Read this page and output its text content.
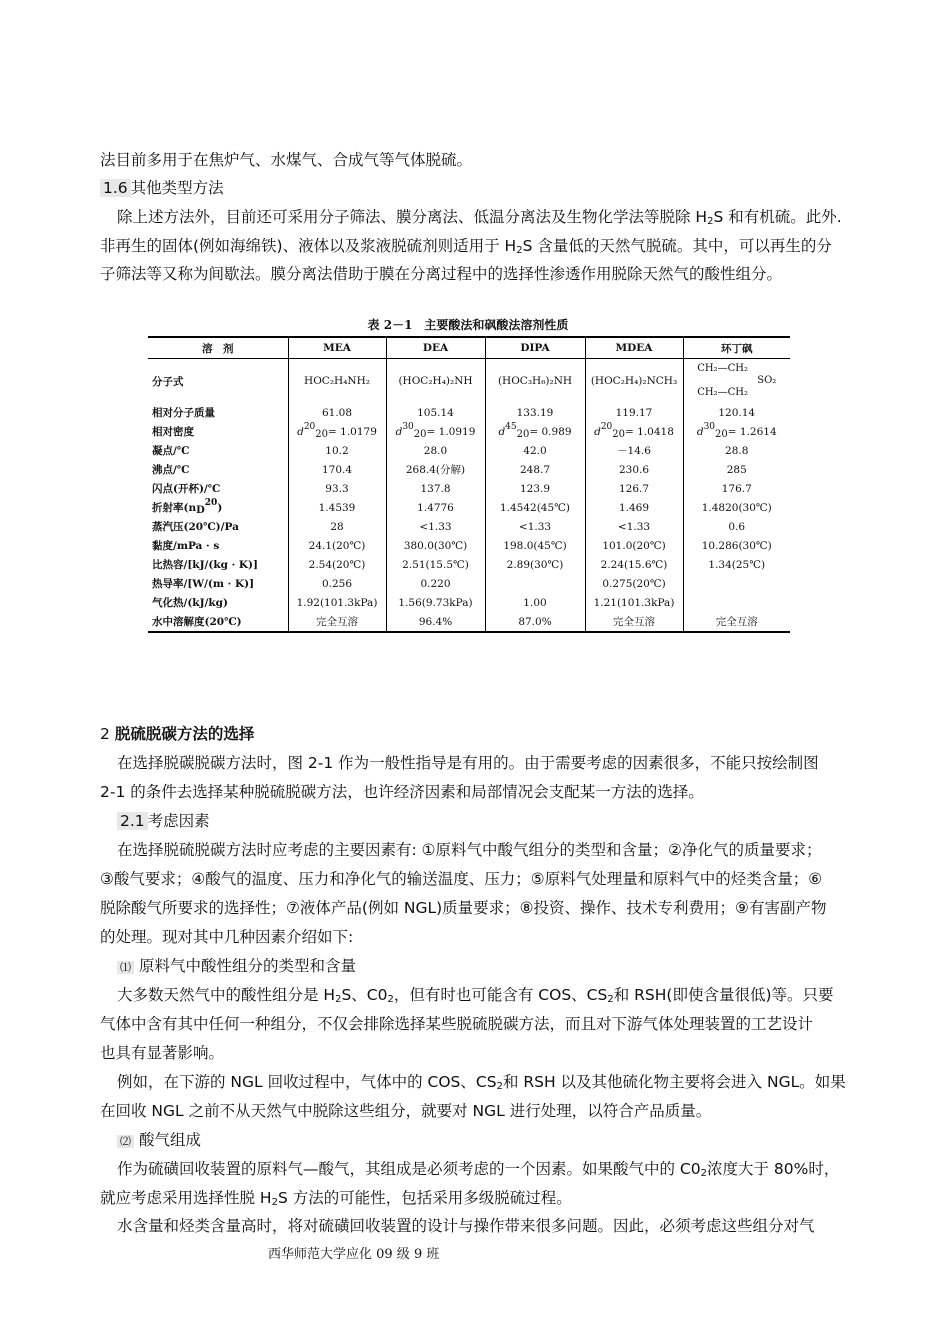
法目前多用于在焦炉气、水煤气、合成气等气体脱硫。
1.6 其他类型方法
除上述方法外，目前还可采用分子筛法、膜分离法、低温分离法及生物化学法等脱除 $H_2S$ 和有机硫。此外.
非再生的固体(例如海绵铁)、液体以及浆液脱硫剂则适用于 $H_2S$ 含量低的天然气脱硫。其中，可以再生的分
子筛法等又称为间歇法。膜分离法借助于膜在分离过程中的选择性渗透作用脱除天然气的酸性组分。
表 2－1　主要酸法和砜酸法溶剂性质
溶　剂	MEA	DEA	DIPA	MDEA	环丁砜
分子式	HOC₂H₄NH₂	(HOC₂H₄)₂NH	(HOC₃H₆)₂NH	(HOC₂H₄)₂NCH₃	CH₂—CH₂
SO₂
CH₂—CH₂
相对分子质量	61.08	105.14	133.19	119.17	120.14
相对密度	$d^{20}_{20}= 1.0179$	$d^{30}_{20}= 1.0919$	$d^{45}_{20}= 0.989$	$d^{20}_{20}= 1.0418$	$d^{30}_{20}= 1.2614$
凝点/℃	10.2	28.0	42.0	－14.6	28.8
沸点/℃	170.4	268.4(分解)	248.7	230.6	285
闪点(开杯)/℃	93.3	137.8	123.9	126.7	176.7
折射率$(n_D^{20})$	1.4539	1.4776	1.4542(45℃)	1.469	1.4820(30℃)
蒸汽压(20℃)/Pa	28	<1.33	<1.33	<1.33	0.6
黏度/mPa · s	24.1(20℃)	380.0(30℃)	198.0(45℃)	101.0(20℃)	10.286(30℃)
比热容/[kJ/(kg · K)]	2.54(20℃)	2.51(15.5℃)	2.89(30℃)	2.24(15.6℃)	1.34(25℃)
热导率/[W/(m · K)]	0.256	0.220		0.275(20℃)	
气化热/(kJ/kg)	1.92(101.3kPa)	1.56(9.73kPa)	1.00	1.21(101.3kPa)	
水中溶解度(20℃)	完全互溶	96.4%	87.0%	完全互溶	完全互溶
2 脱硫脱碳方法的选择
在选择脱碳脱碳方法时，图 2-1 作为一般性指导是有用的。由于需要考虑的因素很多，不能只按绘制图
2-1 的条件去选择某种脱硫脱碳方法，也许经济因素和局部情况会支配某一方法的选择。
2.1 考虑因素
在选择脱硫脱碳方法时应考虑的主要因素有: ①原料气中酸气组分的类型和含量；②净化气的质量要求；
③酸气要求；④酸气的温度、压力和净化气的输送温度、压力；⑤原料气处理量和原料气中的烃类含量；⑥
脱除酸气所要求的选择性；⑦液体产品(例如 NGL)质量要求；⑧投资、操作、技术专利费用；⑨有害副产物
的处理。现对其中几种因素介绍如下:
⑴ 原料气中酸性组分的类型和含量
大多数天然气中的酸性组分是 $H_2S$、$C0_2$，但有时也可能含有 COS、$CS_2$和 RSH(即使含量很低)等。只要
气体中含有其中任何一种组分，不仅会排除选择某些脱硫脱碳方法，而且对下游气体处理装置的工艺设计
也具有显著影响。
例如，在下游的 NGL 回收过程中，气体中的 COS、$CS_2$和 RSH 以及其他硫化物主要将会进入 NGL。如果
在回收 NGL 之前不从天然气中脱除这些组分，就要对 NGL 进行处理，以符合产品质量。
⑵ 酸气组成
作为硫磺回收装置的原料气—酸气，其组成是必须考虑的一个因素。如果酸气中的 $C0_2$浓度大于 80%时，
就应考虑采用选择性脱 $H_2S$ 方法的可能性，包括采用多级脱硫过程。
水含量和烃类含量高时，将对硫磺回收装置的设计与操作带来很多问题。因此，必须考虑这些组分对气
西华师范大学应化 09 级 9 班
